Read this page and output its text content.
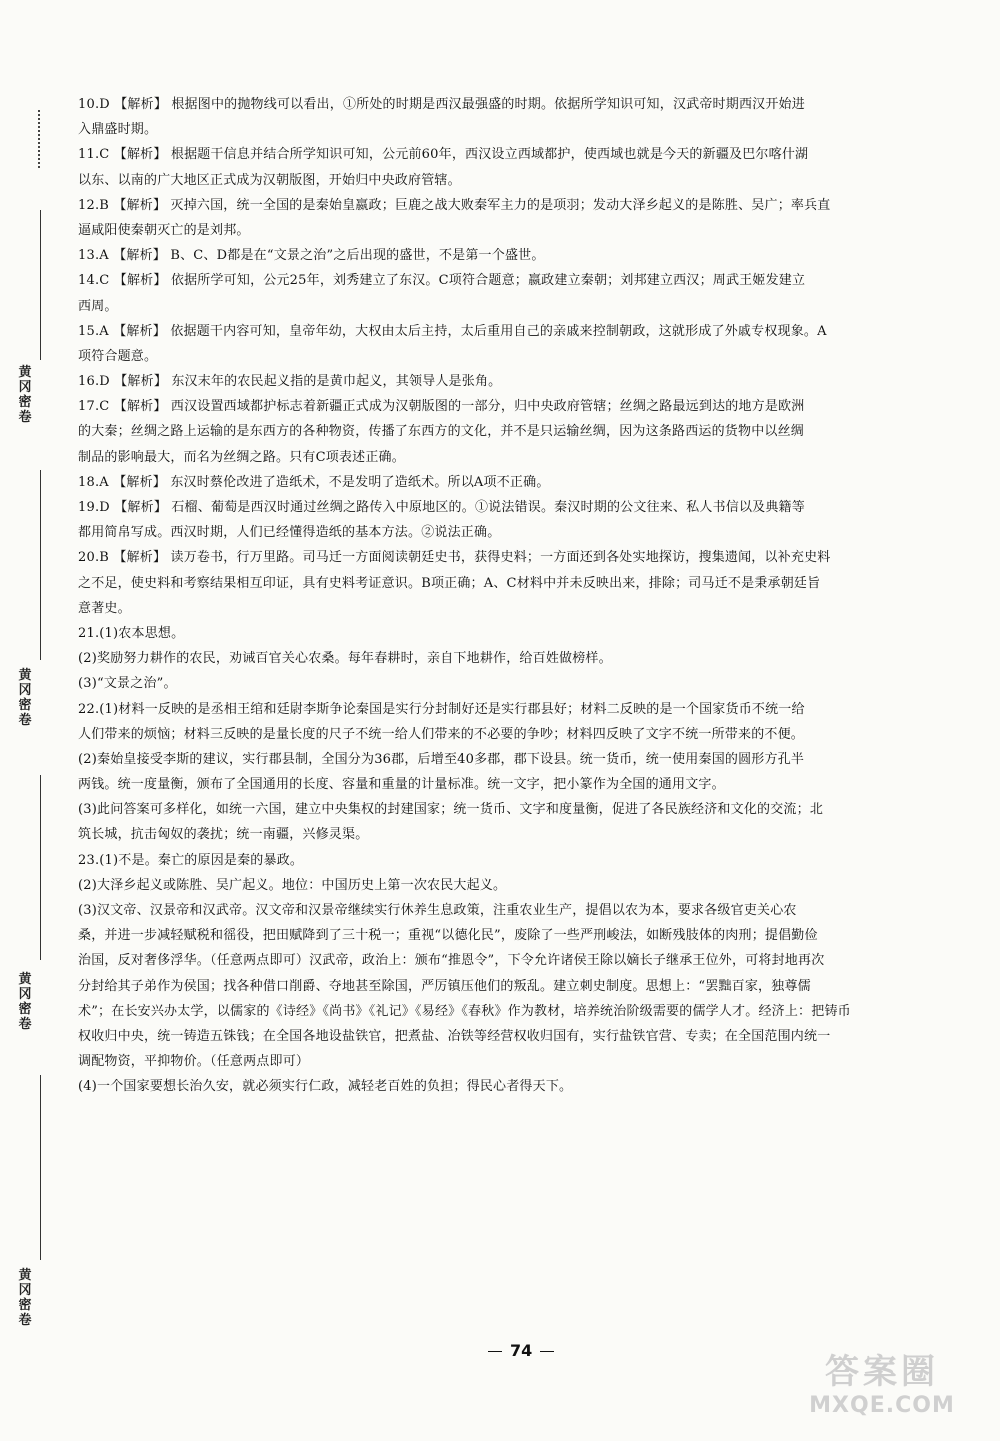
黄冈密卷
黄冈密卷
黄冈密卷
黄冈密卷
10.D 【解析】 根据图中的抛物线可以看出，①所处的时期是西汉最强盛的时期。依据所学知识可知，汉武帝时期西汉开始进
入鼎盛时期。
11.C 【解析】 根据题干信息并结合所学知识可知，公元前60年，西汉设立西域都护，使西域也就是今天的新疆及巴尔喀什湖
以东、以南的广大地区正式成为汉朝版图，开始归中央政府管辖。
12.B 【解析】 灭掉六国，统一全国的是秦始皇嬴政；巨鹿之战大败秦军主力的是项羽；发动大泽乡起义的是陈胜、吴广；率兵直
逼咸阳使秦朝灭亡的是刘邦。
13.A 【解析】 B、C、D都是在“文景之治”之后出现的盛世，不是第一个盛世。
14.C 【解析】 依据所学可知，公元25年，刘秀建立了东汉。C项符合题意；嬴政建立秦朝；刘邦建立西汉；周武王姬发建立
西周。
15.A 【解析】 依据题干内容可知，皇帝年幼，大权由太后主持，太后重用自己的亲戚来控制朝政，这就形成了外戚专权现象。A
项符合题意。
16.D 【解析】 东汉末年的农民起义指的是黄巾起义，其领导人是张角。
17.C 【解析】 西汉设置西域都护标志着新疆正式成为汉朝版图的一部分，归中央政府管辖；丝绸之路最远到达的地方是欧洲
的大秦；丝绸之路上运输的是东西方的各种物资，传播了东西方的文化，并不是只运输丝绸，因为这条路西运的货物中以丝绸
制品的影响最大，而名为丝绸之路。只有C项表述正确。
18.A 【解析】 东汉时蔡伦改进了造纸术，不是发明了造纸术。所以A项不正确。
19.D 【解析】 石榴、葡萄是西汉时通过丝绸之路传入中原地区的。①说法错误。秦汉时期的公文往来、私人书信以及典籍等
都用简帛写成。西汉时期，人们已经懂得造纸的基本方法。②说法正确。
20.B 【解析】 读万卷书，行万里路。司马迁一方面阅读朝廷史书，获得史料；一方面还到各处实地探访，搜集遗闻，以补充史料
之不足，使史料和考察结果相互印证，具有史料考证意识。B项正确；A、C材料中并未反映出来，排除；司马迁不是秉承朝廷旨
意著史。
21.(1)农本思想。
(2)奖励努力耕作的农民，劝诫百官关心农桑。每年春耕时，亲自下地耕作，给百姓做榜样。
(3)“文景之治”。
22.(1)材料一反映的是丞相王绾和廷尉李斯争论秦国是实行分封制好还是实行郡县好；材料二反映的是一个国家货币不统一给
人们带来的烦恼；材料三反映的是量长度的尺子不统一给人们带来的不必要的争吵；材料四反映了文字不统一所带来的不便。
(2)秦始皇接受李斯的建议，实行郡县制，全国分为36郡，后增至40多郡，郡下设县。统一货币，统一使用秦国的圆形方孔半
两钱。统一度量衡，颁布了全国通用的长度、容量和重量的计量标准。统一文字，把小篆作为全国的通用文字。
(3)此问答案可多样化，如统一六国，建立中央集权的封建国家；统一货币、文字和度量衡，促进了各民族经济和文化的交流；北
筑长城，抗击匈奴的袭扰；统一南疆，兴修灵渠。
23.(1)不是。秦亡的原因是秦的暴政。
(2)大泽乡起义或陈胜、吴广起义。地位：中国历史上第一次农民大起义。
(3)汉文帝、汉景帝和汉武帝。汉文帝和汉景帝继续实行休养生息政策，注重农业生产，提倡以农为本，要求各级官吏关心农
桑，并进一步减轻赋税和徭役，把田赋降到了三十税一；重视“以德化民”，废除了一些严刑峻法，如断残肢体的肉刑；提倡勤俭
治国，反对奢侈浮华。（任意两点即可）汉武帝，政治上：颁布“推恩令”，下令允许诸侯王除以嫡长子继承王位外，可将封地再次
分封给其子弟作为侯国；找各种借口削爵、夺地甚至除国，严厉镇压他们的叛乱。建立刺史制度。思想上：“罢黜百家，独尊儒
术”；在长安兴办太学，以儒家的《诗经》《尚书》《礼记》《易经》《春秋》作为教材，培养统治阶级需要的儒学人才。经济上：把铸币
权收归中央，统一铸造五铢钱；在全国各地设盐铁官，把煮盐、冶铁等经营权收归国有，实行盐铁官营、专卖；在全国范围内统一
调配物资，平抑物价。（任意两点即可）
(4)一个国家要想长治久安，就必须实行仁政，减轻老百姓的负担；得民心者得天下。
74
答案圈
MXQE.COM
